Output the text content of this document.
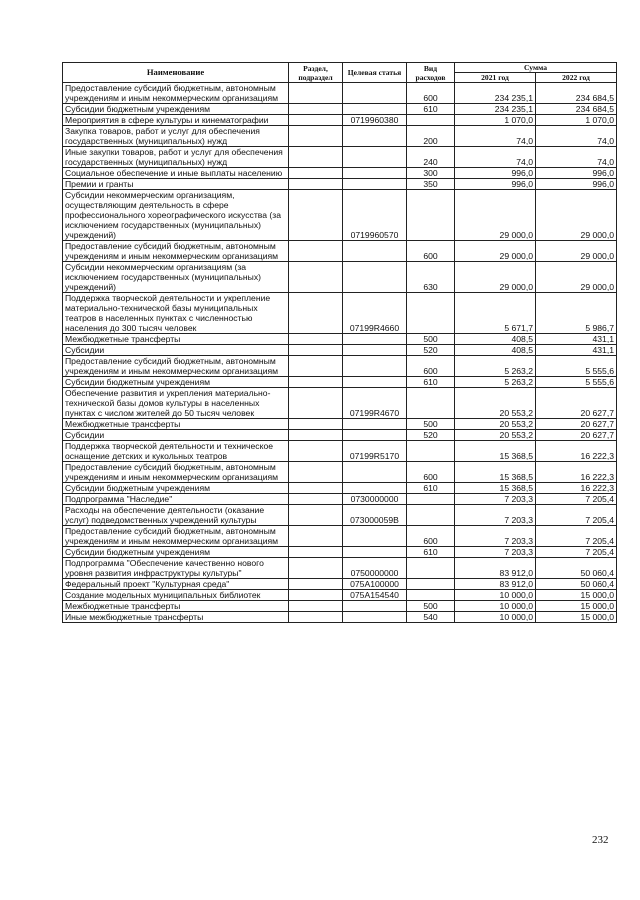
Наименование	Раздел, подраздел	Целевая статья	Вид расходов	Сумма	
				2021 год	2022 год
Предоставление субсидий бюджетным, автономным учреждениям и иным некоммерческим организациям			600	234 235,1	234 684,5
Субсидии бюджетным учреждениям			610	234 235,1	234 684,5
Мероприятия в сфере культуры и кинематографии		0719960380		1 070,0	1 070,0
Закупка товаров, работ и услуг для обеспечения государственных (муниципальных) нужд			200	74,0	74,0
Иные закупки товаров, работ и услуг для обеспечения государственных (муниципальных) нужд			240	74,0	74,0
Социальное обеспечение и иные выплаты населению			300	996,0	996,0
Премии и гранты			350	996,0	996,0
Субсидии некоммерческим организациям, осуществляющим деятельность в сфере профессионального хореографического искусства (за исключением государственных (муниципальных) учреждений)		0719960570		29 000,0	29 000,0
Предоставление субсидий бюджетным, автономным учреждениям и иным некоммерческим организациям			600	29 000,0	29 000,0
Субсидии некоммерческим организациям (за исключением государственных (муниципальных) учреждений)			630	29 000,0	29 000,0
Поддержка творческой деятельности и укрепление материально-технической базы муниципальных театров в населенных пунктах с численностью населения до 300 тысяч человек		07199R4660		5 671,7	5 986,7
Межбюджетные трансферты			500	408,5	431,1
Субсидии			520	408,5	431,1
Предоставление субсидий бюджетным, автономным учреждениям и иным некоммерческим организациям			600	5 263,2	5 555,6
Субсидии бюджетным учреждениям			610	5 263,2	5 555,6
Обеспечение развития и укрепления материально-технической базы домов культуры в населенных пунктах с числом жителей до 50 тысяч человек		07199R4670		20 553,2	20 627,7
Межбюджетные трансферты			500	20 553,2	20 627,7
Субсидии			520	20 553,2	20 627,7
Поддержка творческой деятельности и техническое оснащение детских и кукольных театров		07199R5170		15 368,5	16 222,3
Предоставление субсидий бюджетным, автономным учреждениям и иным некоммерческим организациям			600	15 368,5	16 222,3
Субсидии бюджетным учреждениям			610	15 368,5	16 222,3
Подпрограмма "Наследие"		0730000000		7 203,3	7 205,4
Расходы на обеспечение деятельности (оказание услуг) подведомственных учреждений культуры		073000059В		7 203,3	7 205,4
Предоставление субсидий бюджетным, автономным учреждениям и иным некоммерческим организациям			600	7 203,3	7 205,4
Субсидии бюджетным учреждениям			610	7 203,3	7 205,4
Подпрограмма "Обеспечение качественно нового уровня развития инфраструктуры культуры"		0750000000		83 912,0	50 060,4
Федеральный проект "Культурная среда"		075A100000		83 912,0	50 060,4
Создание модельных муниципальных библиотек		075A154540		10 000,0	15 000,0
Межбюджетные трансферты			500	10 000,0	15 000,0
Иные межбюджетные трансферты			540	10 000,0	15 000,0
232
